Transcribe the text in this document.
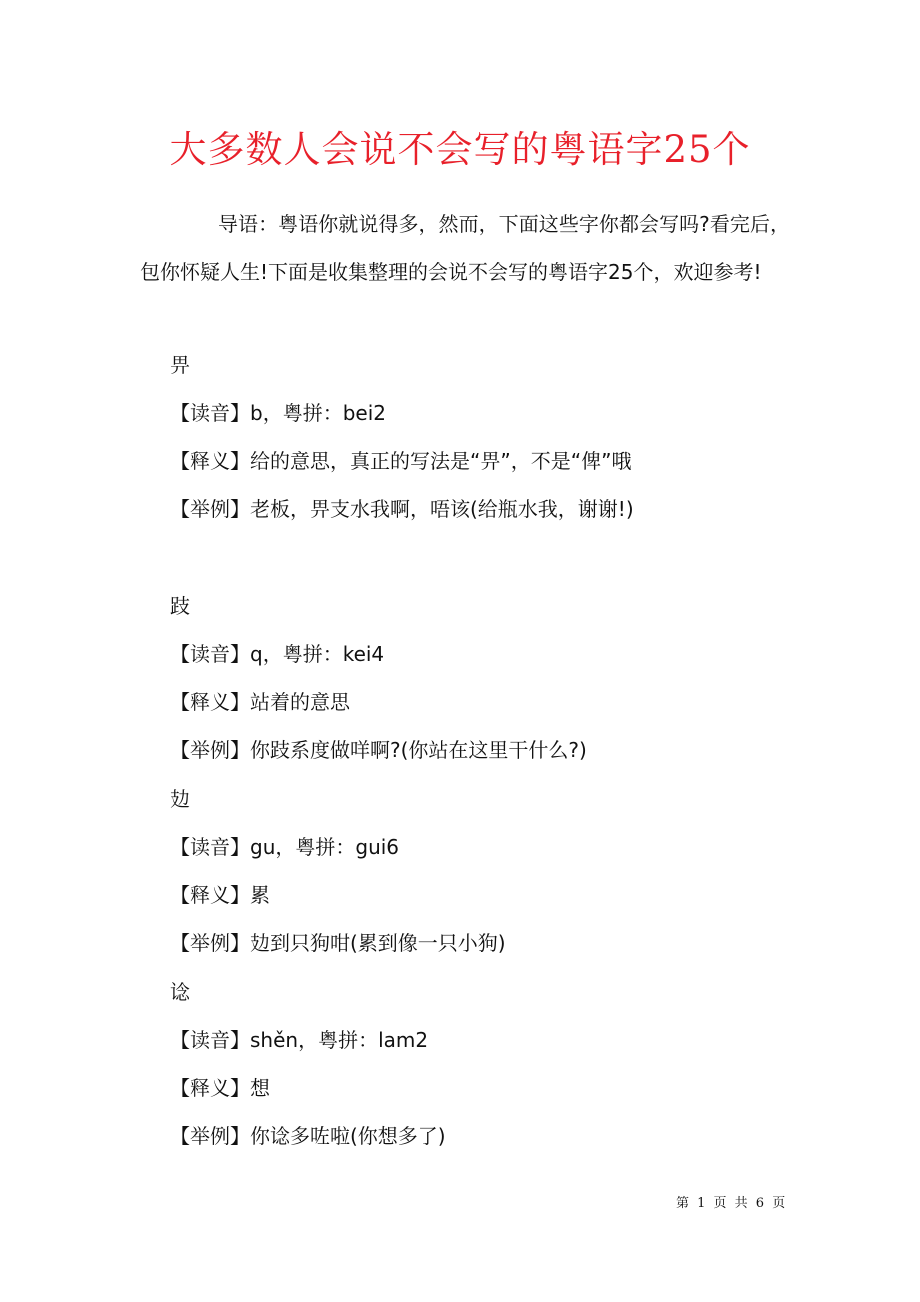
大多数人会说不会写的粤语字25个

导语：粤语你就说得多，然而，下面这些字你都会写吗?看完后，包你怀疑人生!下面是收集整理的会说不会写的粤语字25个，欢迎参考!

畀
【读音】b，粤拼：bei2
【释义】给的意思，真正的写法是“畀”，不是“俾”哦
【举例】老板，畀支水我啊，唔该(给瓶水我，谢谢!)
跂
【读音】q，粤拼：kei4
【释义】站着的意思
【举例】你跂系度做咩啊?(你站在这里干什么?)
攰
【读音】gu，粤拼：gui6
【释义】累
【举例】攰到只狗咁(累到像一只小狗)
谂
【读音】shěn，粤拼：lam2
【释义】想
【举例】你谂多咗啦(你想多了)
第 1 页 共 6 页
